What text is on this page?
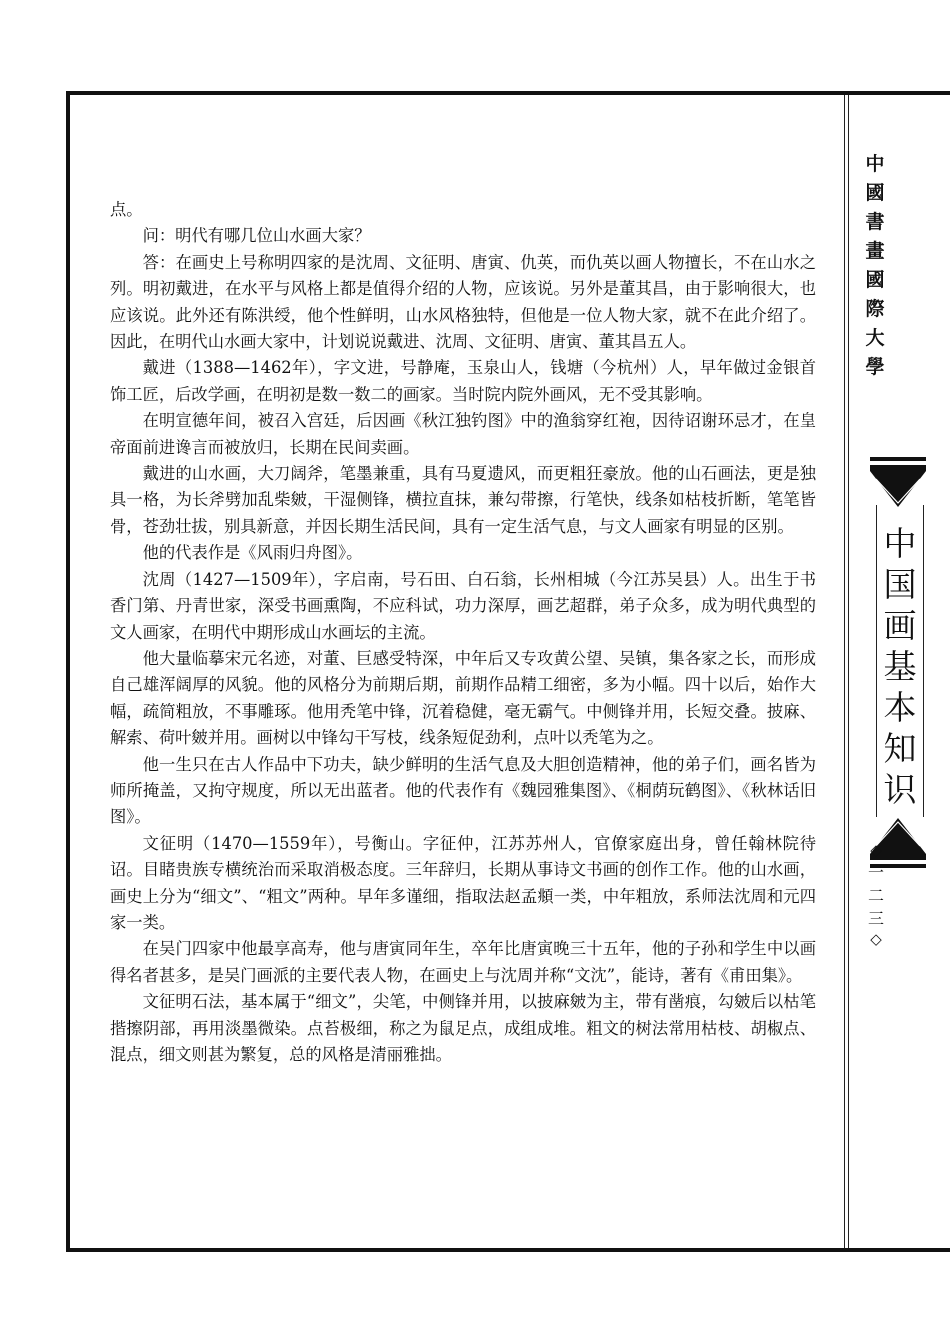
中
國
書
畫
國
際
大
學
中
国
画
基
本
知
识
◇
一
二
三
◇

点。

问：明代有哪几位山水画大家？

答：在画史上号称明四家的是沈周、文征明、唐寅、仇英，而仇英以画人物擅长，不在山水之列。明初戴进，在水平与风格上都是值得介绍的人物，应该说。另外是董其昌，由于影响很大，也应该说。此外还有陈洪绶，他个性鲜明，山水风格独特，但他是一位人物大家，就不在此介绍了。因此，在明代山水画大家中，计划说说戴进、沈周、文征明、唐寅、董其昌五人。

戴进（1388—1462年），字文进，号静庵，玉泉山人，钱塘（今杭州）人，早年做过金银首饰工匠，后改学画，在明初是数一数二的画家。当时院内院外画风，无不受其影响。

在明宣德年间，被召入宫廷，后因画《秋江独钓图》中的渔翁穿红袍，因待诏谢环忌才，在皇帝面前进谗言而被放归，长期在民间卖画。

戴进的山水画，大刀阔斧，笔墨兼重，具有马夏遗风，而更粗狂豪放。他的山石画法，更是独具一格，为长斧劈加乱柴皴，干湿侧锋，横拉直抹，兼勾带擦，行笔快，线条如枯枝折断，笔笔皆骨，苍劲壮拔，别具新意，并因长期生活民间，具有一定生活气息，与文人画家有明显的区别。

他的代表作是《风雨归舟图》。

沈周（1427—1509年），字启南，号石田、白石翁，长州相城（今江苏吴县）人。出生于书香门第、丹青世家，深受书画熏陶，不应科试，功力深厚，画艺超群，弟子众多，成为明代典型的文人画家，在明代中期形成山水画坛的主流。

他大量临摹宋元名迹，对董、巨感受特深，中年后又专攻黄公望、吴镇，集各家之长，而形成自己雄浑阔厚的风貌。他的风格分为前期后期，前期作品精工细密，多为小幅。四十以后，始作大幅，疏简粗放，不事雕琢。他用秃笔中锋，沉着稳健，毫无霸气。中侧锋并用，长短交叠。披麻、解索、荷叶皴并用。画树以中锋勾干写枝，线条短促劲利，点叶以秃笔为之。

他一生只在古人作品中下功夫，缺少鲜明的生活气息及大胆创造精神，他的弟子们，画名皆为师所掩盖，又拘守规度，所以无出蓝者。他的代表作有《魏园雅集图》、《桐荫玩鹤图》、《秋林话旧图》。

文征明（1470—1559年），号衡山。字征仲，江苏苏州人，官僚家庭出身，曾任翰林院待诏。目睹贵族专横统治而采取消极态度。三年辞归，长期从事诗文书画的创作工作。他的山水画，画史上分为“细文”、“粗文”两种。早年多谨细，指取法赵孟頫一类，中年粗放，系师法沈周和元四家一类。

在吴门四家中他最享高寿，他与唐寅同年生，卒年比唐寅晚三十五年，他的子孙和学生中以画得名者甚多，是吴门画派的主要代表人物，在画史上与沈周并称“文沈”，能诗，著有《甫田集》。

文征明石法，基本属于“细文”，尖笔，中侧锋并用，以披麻皴为主，带有凿痕，勾皴后以枯笔揩擦阴部，再用淡墨微染。点苔极细，称之为鼠足点，成组成堆。粗文的树法常用枯枝、胡椒点、混点，细文则甚为繁复，总的风格是清丽雅拙。
